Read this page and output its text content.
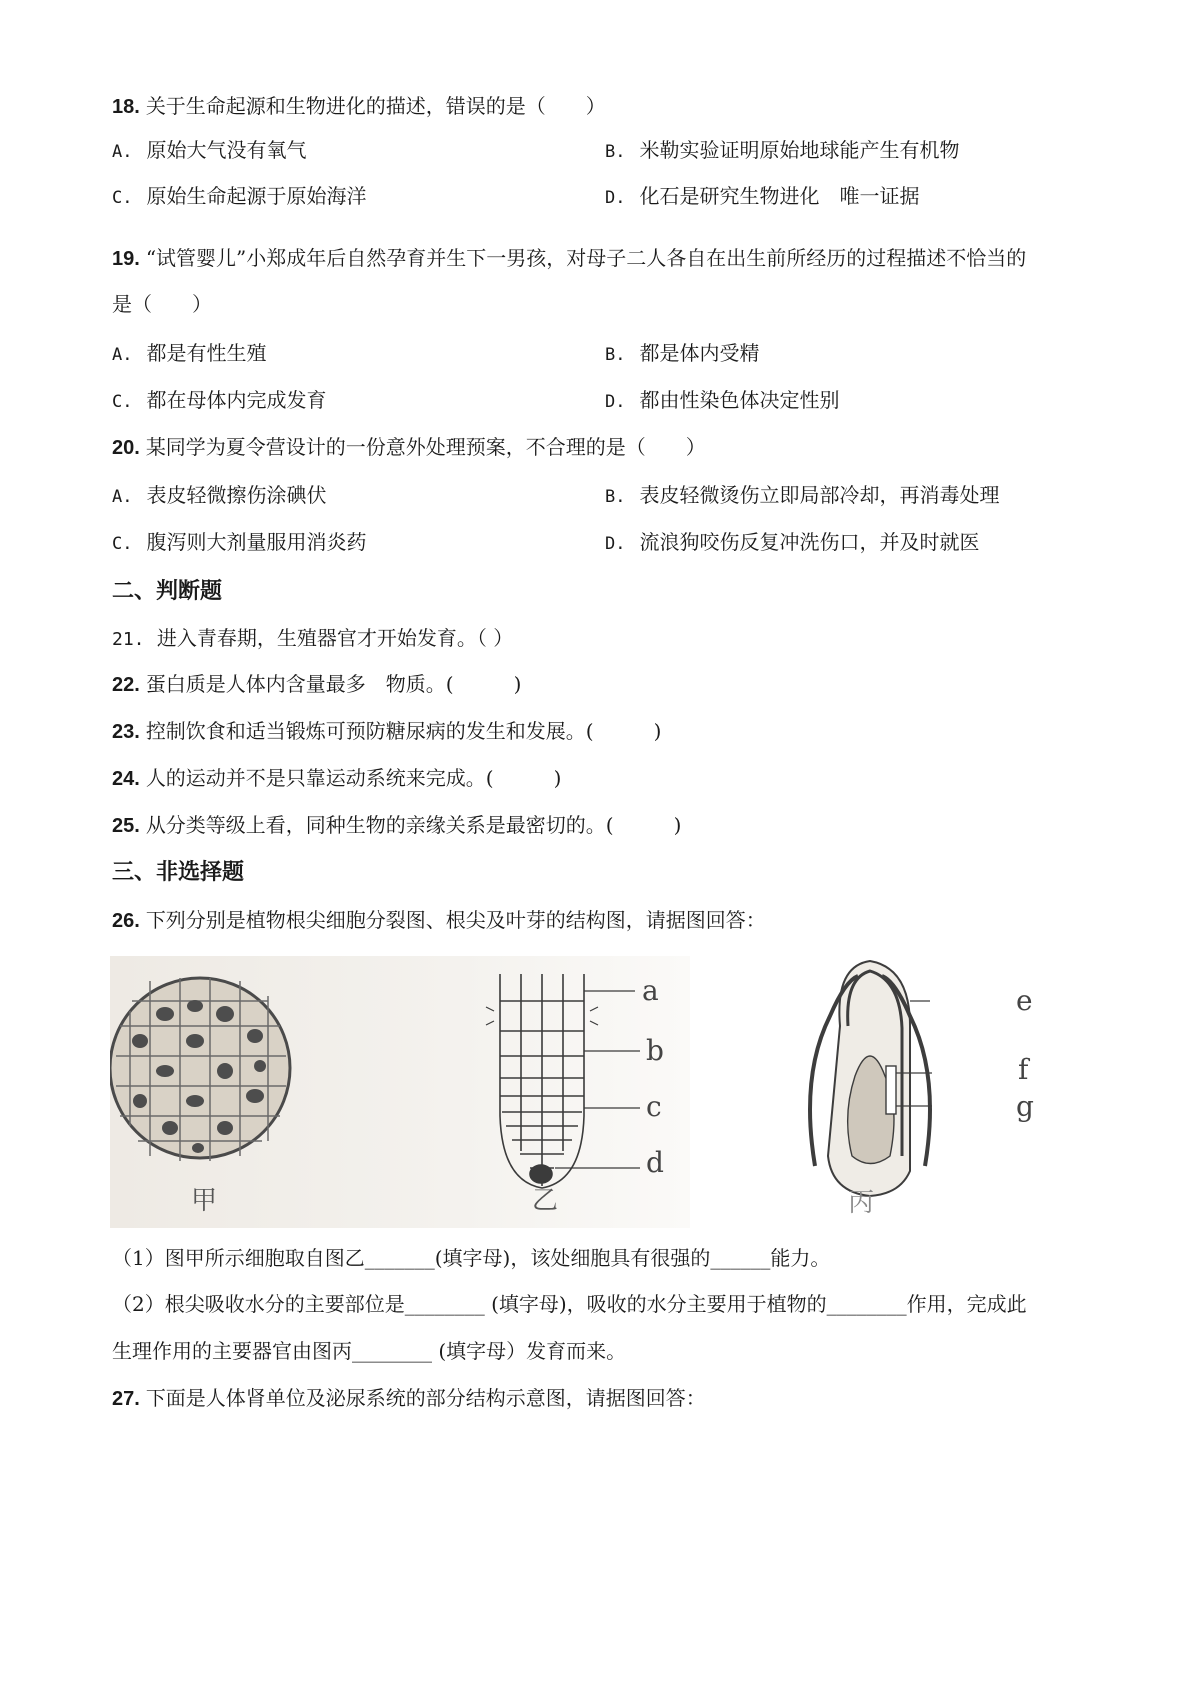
18. 关于生命起源和生物进化的描述，错误的是（　　）
A. 原始大气没有氧气	B. 米勒实验证明原始地球能产生有机物
C. 原始生命起源于原始海洋	D. 化石是研究生物进化　唯一证据
19. “试管婴儿”小郑成年后自然孕育并生下一男孩，对母子二人各自在出生前所经历的过程描述不恰当的
是（　　）
A. 都是有性生殖	B. 都是体内受精
C. 都在母体内完成发育	D. 都由性染色体决定性别
20. 某同学为夏令营设计的一份意外处理预案，不合理的是（　　）
A. 表皮轻微擦伤涂碘伏	B. 表皮轻微烫伤立即局部冷却，再消毒处理
C. 腹泻则大剂量服用消炎药	D. 流浪狗咬伤反复冲洗伤口，并及时就医
二、判断题
21. 进入青春期，生殖器官才开始发育。（ ）
22. 蛋白质是人体内含量最多　物质。(　　　)
23. 控制饮食和适当锻炼可预防糖尿病的发生和发展。(　　　)
24. 人的运动并不是只靠运动系统来完成。(　　　)
25. 从分类等级上看，同种生物的亲缘关系是最密切的。(　　　)
三、非选择题
26. 下列分别是植物根尖细胞分裂图、根尖及叶芽的结构图，请据图回答：
甲	乙	丙
a
b
c
d
e
f
g
（1）图甲所示细胞取自图乙_______(填字母)，该处细胞具有很强的______能力。
（2）根尖吸收水分的主要部位是________ (填字母)，吸收的水分主要用于植物的________作用，完成此
生理作用的主要器官由图丙________ (填字母）发育而来。
27. 下面是人体肾单位及泌尿系统的部分结构示意图，请据图回答：
